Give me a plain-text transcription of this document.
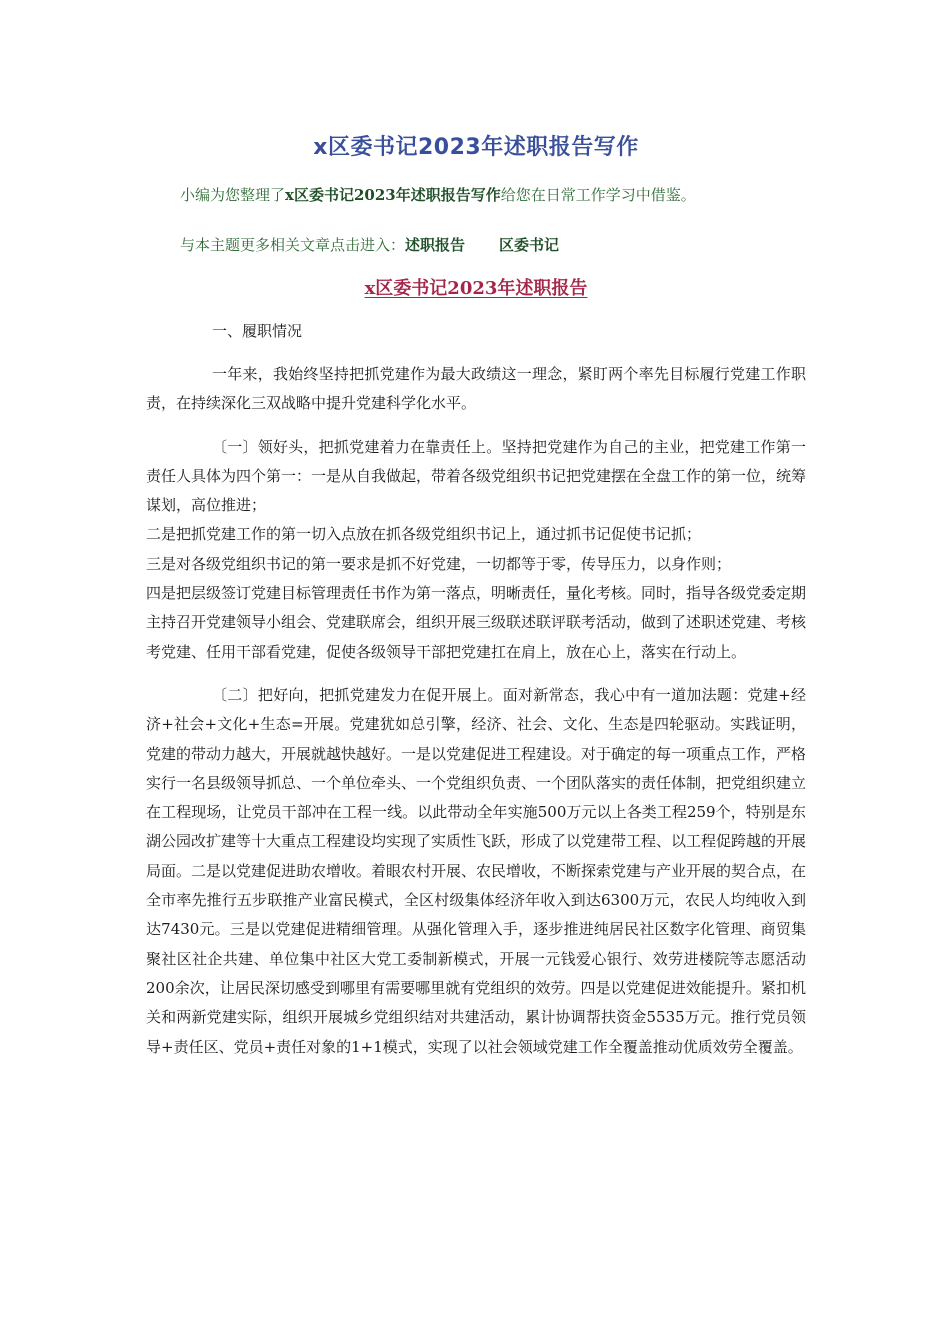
x区委书记2023年述职报告写作

小编为您整理了x区委书记2023年述职报告写作给您在日常工作学习中借鉴。

与本主题更多相关文章点击进入：述职报告 区委书记

x区委书记2023年述职报告

一、履职情况

一年来，我始终坚持把抓党建作为最大政绩这一理念，紧盯两个率先目标履行党建工作职责，在持续深化三双战略中提升党建科学化水平。

〔一〕领好头，把抓党建着力在靠责任上。坚持把党建作为自己的主业，把党建工作第一责任人具体为四个第一：一是从自我做起，带着各级党组织书记把党建摆在全盘工作的第一位，统筹谋划，高位推进；

二是把抓党建工作的第一切入点放在抓各级党组织书记上，通过抓书记促使书记抓；

三是对各级党组织书记的第一要求是抓不好党建，一切都等于零，传导压力，以身作则；

四是把层级签订党建目标管理责任书作为第一落点，明晰责任，量化考核。同时，指导各级党委定期主持召开党建领导小组会、党建联席会，组织开展三级联述联评联考活动，做到了述职述党建、考核考党建、任用干部看党建，促使各级领导干部把党建扛在肩上，放在心上，落实在行动上。

〔二〕把好向，把抓党建发力在促开展上。面对新常态，我心中有一道加法题：党建+经济+社会+文化+生态=开展。党建犹如总引擎，经济、社会、文化、生态是四轮驱动。实践证明，党建的带动力越大，开展就越快越好。一是以党建促进工程建设。对于确定的每一项重点工作，严格实行一名县级领导抓总、一个单位牵头、一个党组织负责、一个团队落实的责任体制，把党组织建立在工程现场，让党员干部冲在工程一线。以此带动全年实施500万元以上各类工程259个，特别是东湖公园改扩建等十大重点工程建设均实现了实质性飞跃，形成了以党建带工程、以工程促跨越的开展局面。二是以党建促进助农增收。着眼农村开展、农民增收，不断探索党建与产业开展的契合点，在全市率先推行五步联推产业富民模式，全区村级集体经济年收入到达6300万元，农民人均纯收入到达7430元。三是以党建促进精细管理。从强化管理入手，逐步推进纯居民社区数字化管理、商贸集聚社区社企共建、单位集中社区大党工委制新模式，开展一元钱爱心银行、效劳进楼院等志愿活动200余次，让居民深切感受到哪里有需要哪里就有党组织的效劳。四是以党建促进效能提升。紧扣机关和两新党建实际，组织开展城乡党组织结对共建活动，累计协调帮扶资金5535万元。推行党员领导+责任区、党员+责任对象的1+1模式，实现了以社会领域党建工作全覆盖推动优质效劳全覆盖。
